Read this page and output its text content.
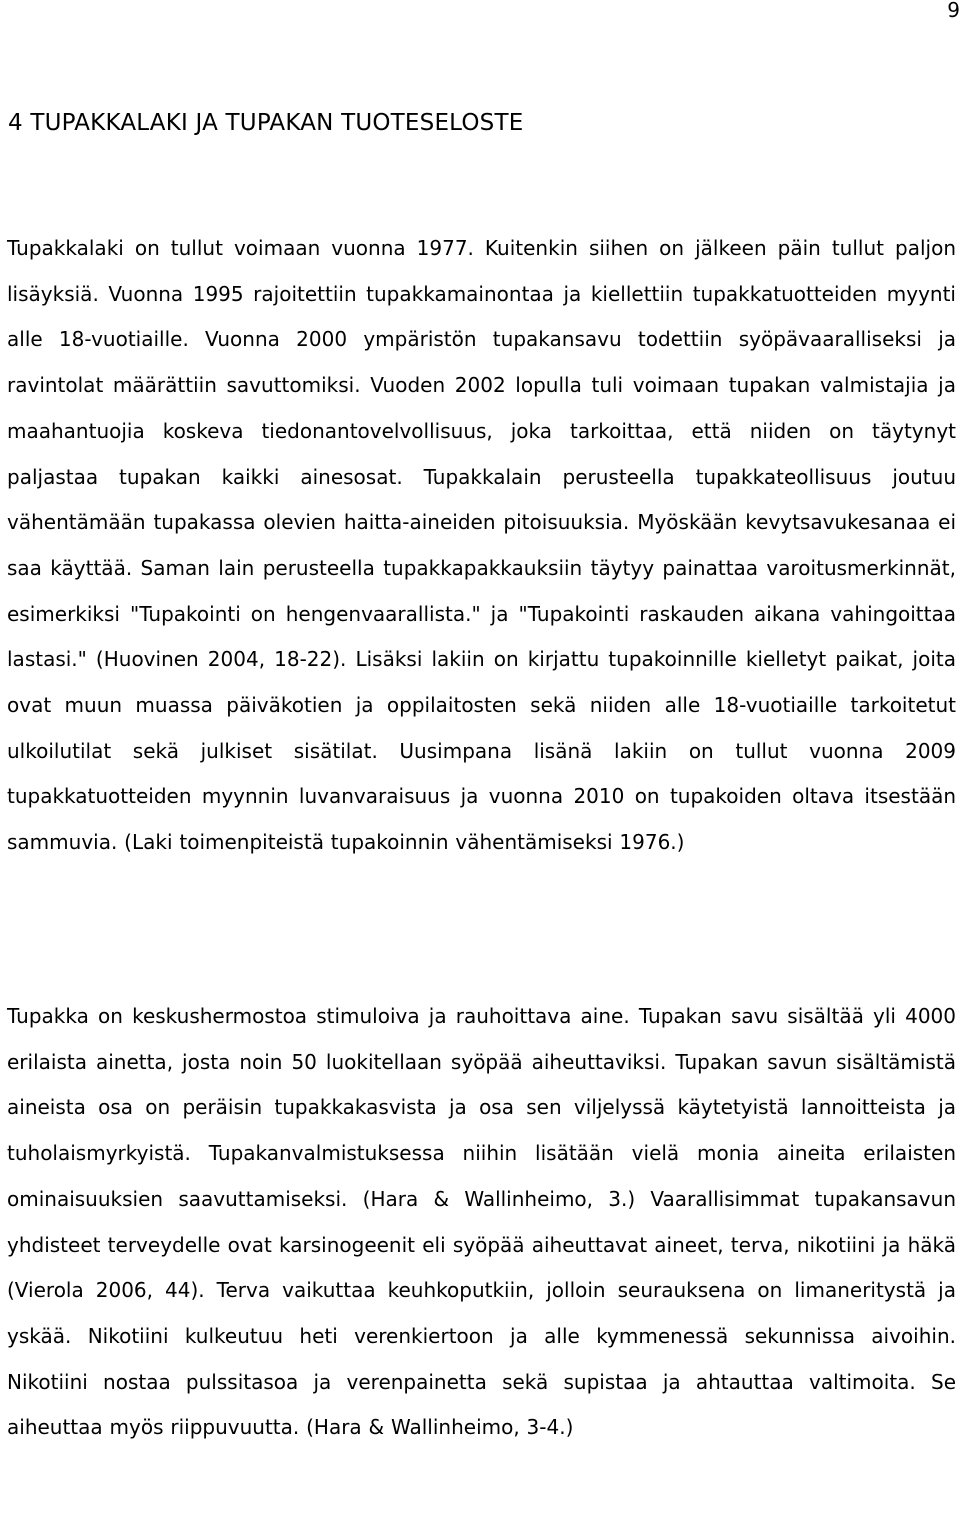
9
4 TUPAKKALAKI JA TUPAKAN TUOTESELOSTE

Tupakkalaki on tullut voimaan vuonna 1977. Kuitenkin siihen on jälkeen päin tullut paljon lisäyksiä. Vuonna 1995 rajoitettiin tupakkamainontaa ja kiellettiin tupakkatuotteiden myynti alle 18-vuotiaille. Vuonna 2000 ympäristön tupakansavu todettiin syöpävaaralliseksi ja ravintolat määrättiin savuttomiksi. Vuoden 2002 lopulla tuli voimaan tupakan valmistajia ja maahantuojia koskeva tiedonantovelvollisuus, joka tarkoittaa, että niiden on täytynyt paljastaa tupakan kaikki ainesosat. Tupakkalain perusteella tupakkateollisuus joutuu vähentämään tupakassa olevien haitta-aineiden pitoisuuksia. Myöskään kevytsavukesanaa ei saa käyttää. Saman lain perusteella tupakkapakkauksiin täytyy painattaa varoitusmerkinnät, esimerkiksi "Tupakointi on hengenvaarallista." ja "Tupakointi raskauden aikana vahingoittaa lastasi." (Huovinen 2004, 18-22). Lisäksi lakiin on kirjattu tupakoinnille kielletyt paikat, joita ovat muun muassa päiväkotien ja oppilaitosten sekä niiden alle 18-vuotiaille tarkoitetut ulkoilutilat sekä julkiset sisätilat. Uusimpana lisänä lakiin on tullut vuonna 2009 tupakkatuotteiden myynnin luvanvaraisuus ja vuonna 2010 on tupakoiden oltava itsestään sammuvia. (Laki toimenpiteistä tupakoinnin vähentämiseksi 1976.)

Tupakka on keskushermostoa stimuloiva ja rauhoittava aine. Tupakan savu sisältää yli 4000 erilaista ainetta, josta noin 50 luokitellaan syöpää aiheuttaviksi. Tupakan savun sisältämistä aineista osa on peräisin tupakkakasvista ja osa sen viljelyssä käytetyistä lannoitteista ja tuholaismyrkyistä. Tupakanvalmistuksessa niihin lisätään vielä monia aineita erilaisten ominaisuuksien saavuttamiseksi. (Hara & Wallinheimo, 3.) Vaarallisimmat tupakansavun yhdisteet terveydelle ovat karsinogeenit eli syöpää aiheuttavat aineet, terva, nikotiini ja häkä (Vierola 2006, 44). Terva vaikuttaa keuhkoputkiin, jolloin seurauksena on limaneritystä ja yskää. Nikotiini kulkeutuu heti verenkiertoon ja alle kymmenessä sekunnissa aivoihin. Nikotiini nostaa pulssitasoa ja verenpainetta sekä supistaa ja ahtauttaa valtimoita. Se aiheuttaa myös riippuvuutta. (Hara & Wallinheimo, 3-4.)
